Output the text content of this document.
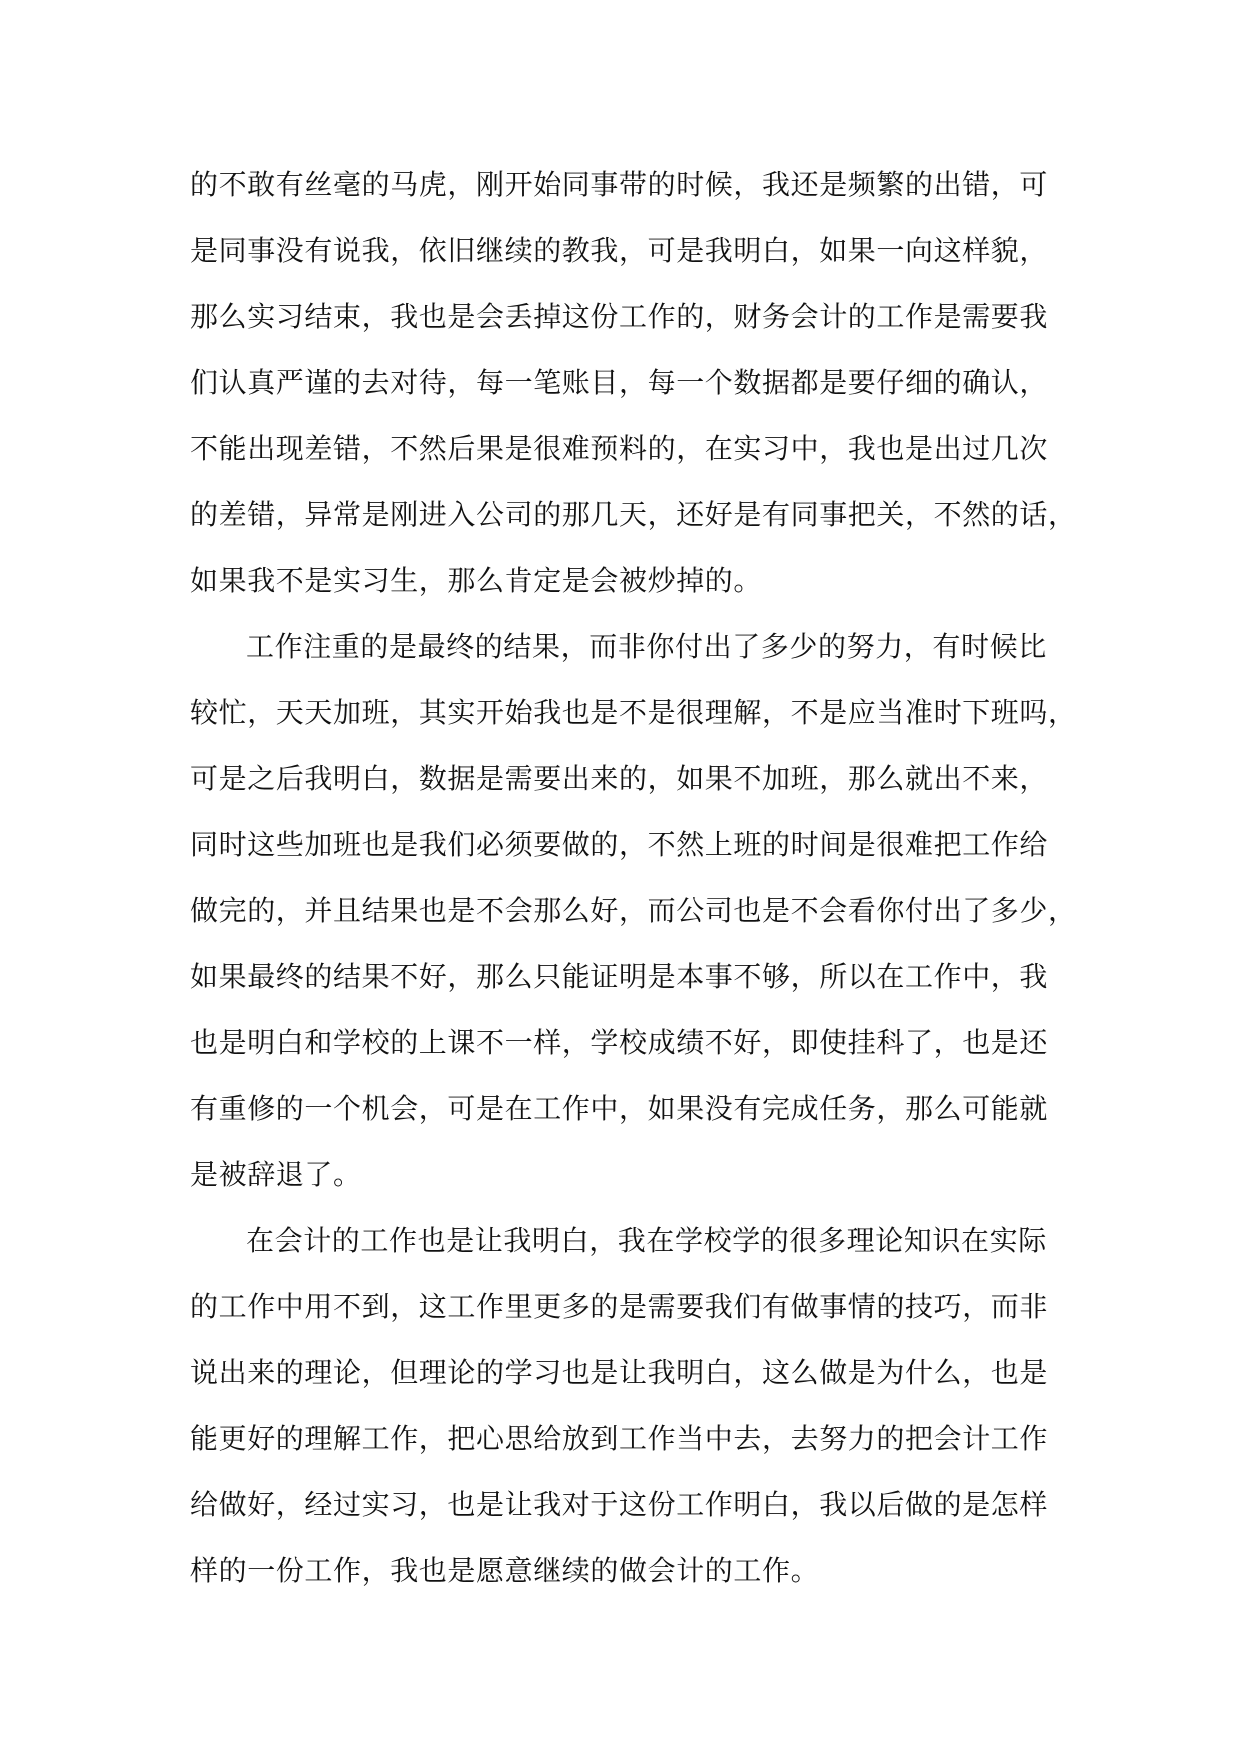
的不敢有丝毫的马虎，刚开始同事带的时候，我还是频繁的出错，可
是同事没有说我，依旧继续的教我，可是我明白，如果一向这样貌，
那么实习结束，我也是会丢掉这份工作的，财务会计的工作是需要我
们认真严谨的去对待，每一笔账目，每一个数据都是要仔细的确认，
不能出现差错，不然后果是很难预料的，在实习中，我也是出过几次
的差错，异常是刚进入公司的那几天，还好是有同事把关，不然的话，
如果我不是实习生，那么肯定是会被炒掉的。
工作注重的是最终的结果，而非你付出了多少的努力，有时候比
较忙，天天加班，其实开始我也是不是很理解，不是应当准时下班吗，
可是之后我明白，数据是需要出来的，如果不加班，那么就出不来，
同时这些加班也是我们必须要做的，不然上班的时间是很难把工作给
做完的，并且结果也是不会那么好，而公司也是不会看你付出了多少，
如果最终的结果不好，那么只能证明是本事不够，所以在工作中，我
也是明白和学校的上课不一样，学校成绩不好，即使挂科了，也是还
有重修的一个机会，可是在工作中，如果没有完成任务，那么可能就
是被辞退了。
在会计的工作也是让我明白，我在学校学的很多理论知识在实际
的工作中用不到，这工作里更多的是需要我们有做事情的技巧，而非
说出来的理论，但理论的学习也是让我明白，这么做是为什么，也是
能更好的理解工作，把心思给放到工作当中去，去努力的把会计工作
给做好，经过实习，也是让我对于这份工作明白，我以后做的是怎样
样的一份工作，我也是愿意继续的做会计的工作。
